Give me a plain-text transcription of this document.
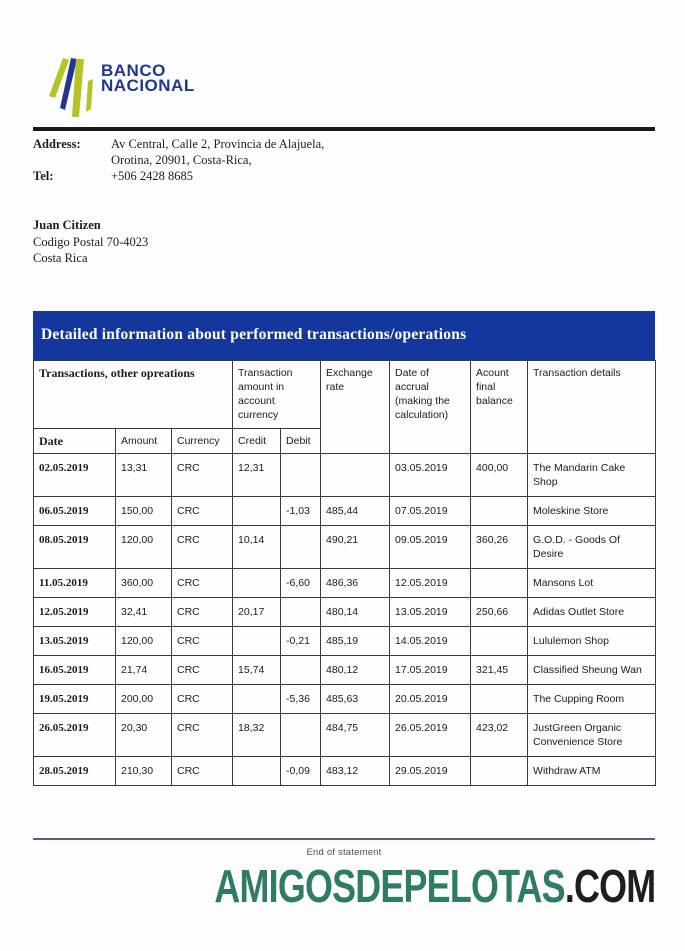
BANCO
NACIONAL
Address:	Av Central, Calle 2, Provincia de Alajuela,
Orotina, 20901, Costa-Rica,
Tel:	+506 2428 8685
Juan Citizen
Codigo Postal 70-4023
Costa Rica
Detailed information about performed transactions/operations
Transactions, other opreations			Transaction amount in account currency		Exchange rate	Date of accrual (making the calculation)	Acount final balance	Transaction details
Date	Amount	Currency	Credit	Debit				
02.05.2019	13,31	CRC	12,31			03.05.2019	400,00	The Mandarin Cake Shop
06.05.2019	150,00	CRC		-1,03	485,44	07.05.2019		Moleskine Store
08.05.2019	120,00	CRC	10,14		490,21	09.05.2019	360,26	G.O.D. - Goods Of Desire
11.05.2019	360,00	CRC		-6,60	486,36	12.05.2019		Mansons Lot
12.05.2019	32,41	CRC	20,17		480,14	13.05.2019	250,66	Adidas Outlet Store
13.05.2019	120,00	CRC		-0,21	485,19	14.05.2019		Lululemon Shop
16.05.2019	21,74	CRC	15,74		480,12	17.05.2019	321,45	Classified Sheung Wan
19.05.2019	200,00	CRC		-5,36	485,63	20.05.2019		The Cupping Room
26.05.2019	20,30	CRC	18,32		484,75	26.05.2019	423,02	JustGreen Organic Convenience Store
28.05.2019	210,30	CRC		-0,09	483,12	29.05.2019		Withdraw ATM
End of statement
AMIGOSDEPELOTAS.COM
